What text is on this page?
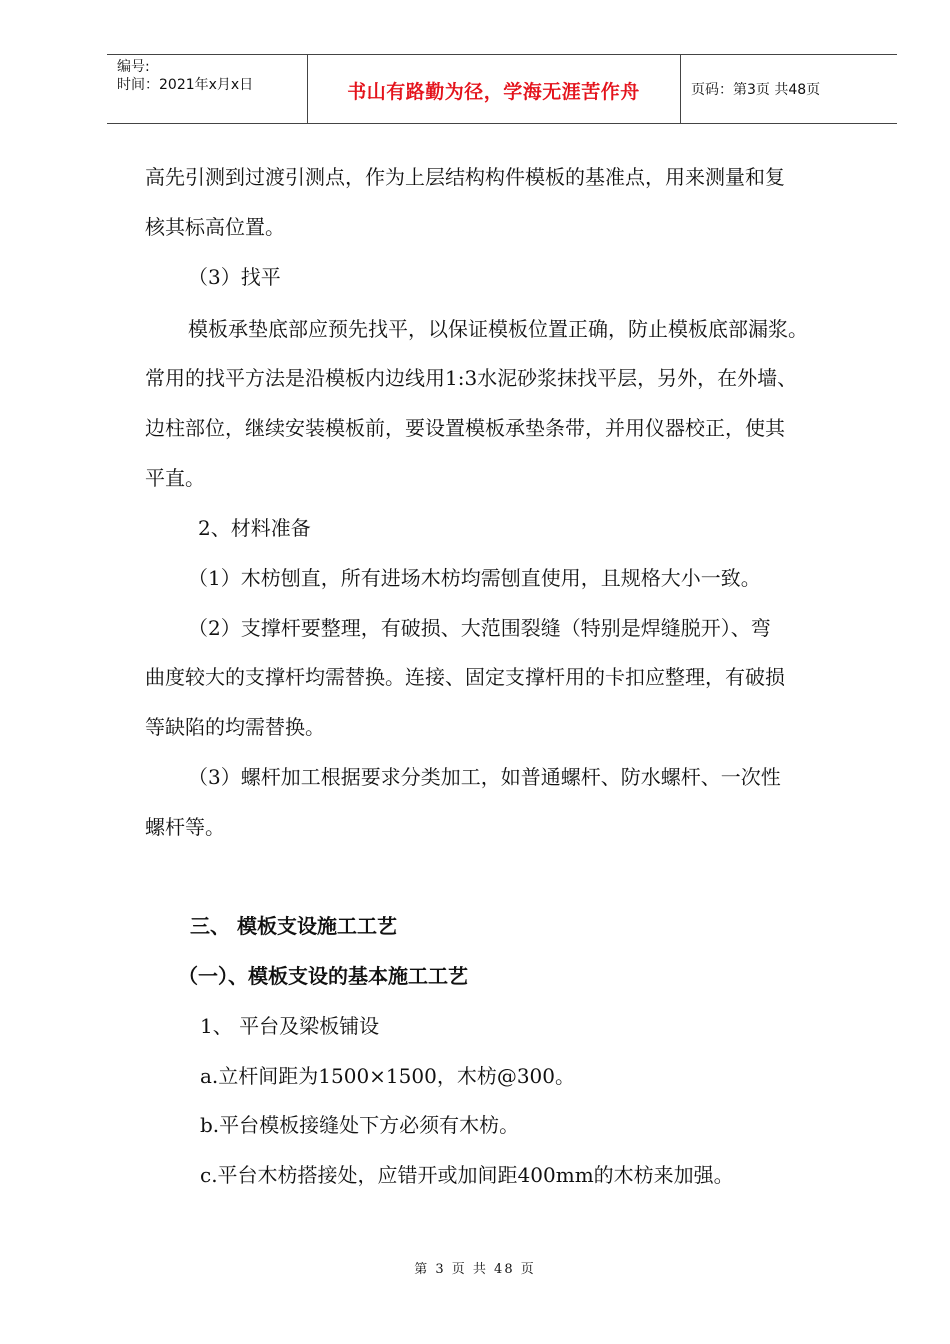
编号:
时间：2021年x月x日	书山有路勤为径，学海无涯苦作舟	页码：第3页 共48页
高先引测到过渡引测点，作为上层结构构件模板的基准点，用来测量和复
核其标高位置。
（3）找平
模板承垫底部应预先找平，以保证模板位置正确，防止模板底部漏浆。
常用的找平方法是沿模板内边线用1:3水泥砂浆抹找平层，另外，在外墙、
边柱部位，继续安装模板前，要设置模板承垫条带，并用仪器校正，使其
平直。
2、材料准备
（1）木枋刨直，所有进场木枋均需刨直使用，且规格大小一致。
（2）支撑杆要整理，有破损、大范围裂缝（特别是焊缝脱开）、弯
曲度较大的支撑杆均需替换。连接、固定支撑杆用的卡扣应整理，有破损
等缺陷的均需替换。
（3）螺杆加工根据要求分类加工，如普通螺杆、防水螺杆、一次性
螺杆等。
三、 模板支设施工工艺
（一）、模板支设的基本施工工艺
1、 平台及梁板铺设
a.立杆间距为1500×1500，木枋@300。
b.平台模板接缝处下方必须有木枋。
c.平台木枋搭接处，应错开或加间距400mm的木枋来加强。
第 3 页 共 48 页
